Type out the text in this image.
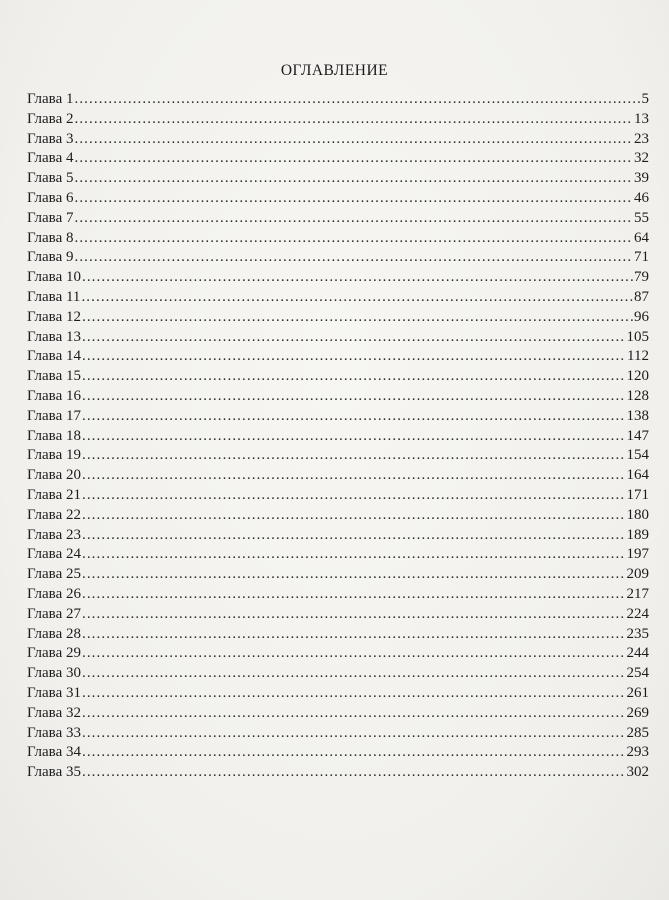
ОГЛАВЛЕНИЕ
Глава 1 .....	5
Глава 2 .....	13
Глава 3 .....	23
Глава 4 .....	32
Глава 5 .....	39
Глава 6 .....	46
Глава 7 .....	55
Глава 8 .....	64
Глава 9 .....	71
Глава 10 .....	79
Глава 11 .....	87
Глава 12 .....	96
Глава 13 .....	105
Глава 14 .....	112
Глава 15 .....	120
Глава 16 .....	128
Глава 17 .....	138
Глава 18 .....	147
Глава 19 .....	154
Глава 20 .....	164
Глава 21 .....	171
Глава 22 .....	180
Глава 23 .....	189
Глава 24 .....	197
Глава 25 .....	209
Глава 26 .....	217
Глава 27 .....	224
Глава 28 .....	235
Глава 29 .....	244
Глава 30 .....	254
Глава 31 .....	261
Глава 32 .....	269
Глава 33 .....	285
Глава 34 .....	293
Глава 35 .....	302
